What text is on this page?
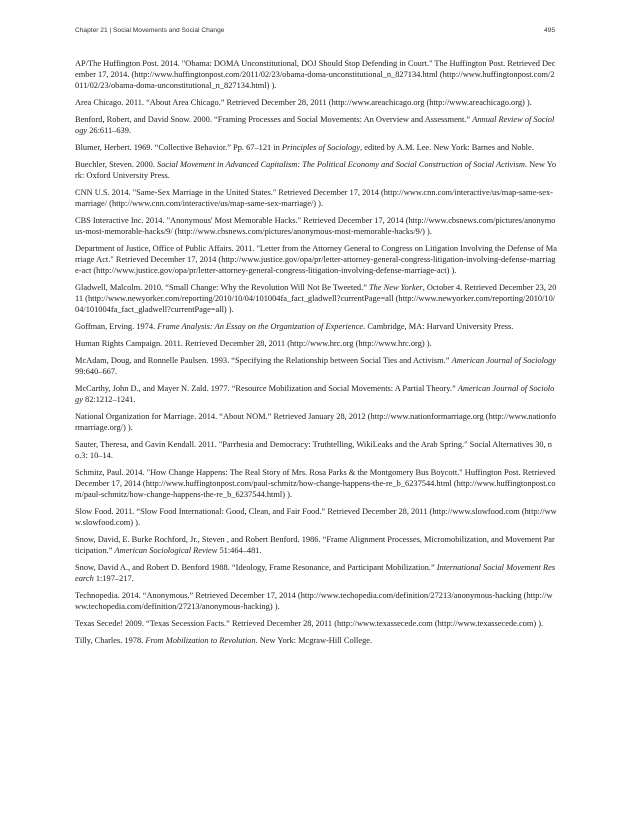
Chapter 21 | Social Movements and Social Change	495
AP/The Huffington Post. 2014. "Obama: DOMA Unconstitutional, DOJ Should Stop Defending in Court." The Huffington Post. Retrieved December 17, 2014. (http://www.huffingtonpost.com/2011/02/23/obama-doma-unconstitutional_n_827134.html (http://www.huffingtonpost.com/2011/02/23/obama-doma-unconstitutional_n_827134.html) ).
Area Chicago. 2011. “About Area Chicago.” Retrieved December 28, 2011 (http://www.areachicago.org (http://www.areachicago.org) ).
Benford, Robert, and David Snow. 2000. “Framing Processes and Social Movements: An Overview and Assessment.” Annual Review of Sociology 26:611–639.
Blumer, Herbert. 1969. “Collective Behavior.” Pp. 67–121 in Principles of Sociology, edited by A.M. Lee. New York: Barnes and Noble.
Buechler, Steven. 2000. Social Movement in Advanced Capitalism: The Political Economy and Social Construction of Social Activism. New York: Oxford University Press.
CNN U.S. 2014. "Same-Sex Marriage in the United States." Retrieved December 17, 2014 (http://www.cnn.com/interactive/us/map-same-sex-marriage/ (http://www.cnn.com/interactive/us/map-same-sex-marriage/) ).
CBS Interactive Inc. 2014. "Anonymous' Most Memorable Hacks." Retrieved December 17, 2014 (http://www.cbsnews.com/pictures/anonymous-most-memorable-hacks/9/ (http://www.cbsnews.com/pictures/anonymous-most-memorable-hacks/9/) ).
Department of Justice, Office of Public Affairs. 2011. "Letter from the Attorney General to Congress on Litigation Involving the Defense of Marriage Act." Retrieved December 17, 2014 (http://www.justice.gov/opa/pr/letter-attorney-general-congress-litigation-involving-defense-marriage-act (http://www.justice.gov/opa/pr/letter-attorney-general-congress-litigation-involving-defense-marriage-act) ).
Gladwell, Malcolm. 2010. “Small Change: Why the Revolution Will Not Be Tweeted.” The New Yorker, October 4. Retrieved December 23, 2011 (http://www.newyorker.com/reporting/2010/10/04/101004fa_fact_gladwell?currentPage=all (http://www.newyorker.com/reporting/2010/10/04/101004fa_fact_gladwell?currentPage=all) ).
Goffman, Erving. 1974. Frame Analysis: An Essay on the Organization of Experience. Cambridge, MA: Harvard University Press.
Human Rights Campaign. 2011. Retrieved December 28, 2011 (http://www.hrc.org (http://www.hrc.org) ).
McAdam, Doug, and Ronnelle Paulsen. 1993. “Specifying the Relationship between Social Ties and Activism.” American Journal of Sociology 99:640–667.
McCarthy, John D., and Mayer N. Zald. 1977. “Resource Mobilization and Social Movements: A Partial Theory.” American Journal of Sociology 82:1212–1241.
National Organization for Marriage. 2014. “About NOM.” Retrieved January 28, 2012 (http://www.nationformarriage.org (http://www.nationformarriage.org/) ).
Sauter, Theresa, and Gavin Kendall. 2011. "Parrhesia and Democracy: Truthtelling, WikiLeaks and the Arab Spring." Social Alternatives 30, no.3: 10–14.
Schmitz, Paul. 2014. "How Change Happens: The Real Story of Mrs. Rosa Parks & the Montgomery Bus Boycott." Huffington Post. Retrieved December 17, 2014 (http://www.huffingtonpost.com/paul-schmitz/how-change-happens-the-re_b_6237544.html (http://www.huffingtonpost.com/paul-schmitz/how-change-happens-the-re_b_6237544.html) ).
Slow Food. 2011. “Slow Food International: Good, Clean, and Fair Food.” Retrieved December 28, 2011 (http://www.slowfood.com (http://www.slowfood.com) ).
Snow, David, E. Burke Rochford, Jr., Steven , and Robert Benford. 1986. “Frame Alignment Processes, Micromobilization, and Movement Participation.” American Sociological Review 51:464–481.
Snow, David A., and Robert D. Benford 1988. “Ideology, Frame Resonance, and Participant Mobilization.” International Social Movement Research 1:197–217.
Technopedia. 2014. “Anonymous.” Retrieved December 17, 2014 (http://www.techopedia.com/definition/27213/anonymous-hacking (http://www.techopedia.com/definition/27213/anonymous-hacking) ).
Texas Secede! 2009. “Texas Secession Facts.” Retrieved December 28, 2011 (http://www.texassecede.com (http://www.texassecede.com) ).
Tilly, Charles. 1978. From Mobilization to Revolution. New York: Mcgraw-Hill College.
